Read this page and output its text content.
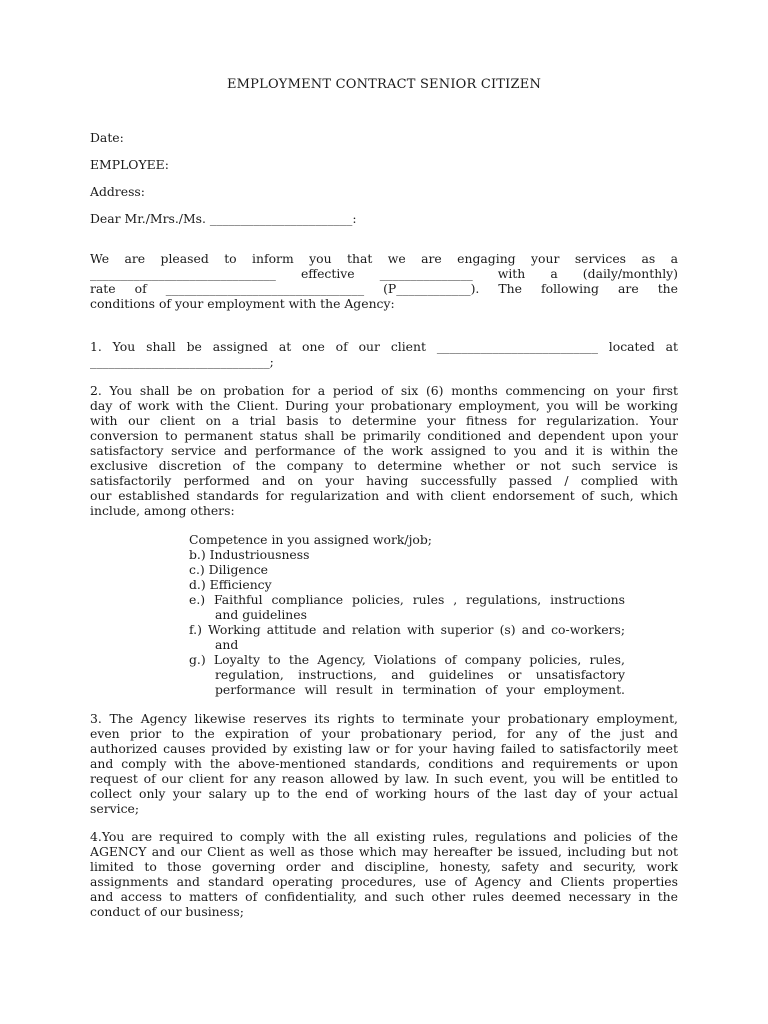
EMPLOYMENT CONTRACT SENIOR CITIZEN
Date:
EMPLOYEE:
Address:
Dear Mr./Mrs./Ms. _______________________:
We are pleased to inform you that we are engaging your services as a
______________________________ effective _______________ with a (daily/monthly)
rate of ________________________________ (P____________). The following are the
conditions of your employment with the Agency:
1. You shall be assigned at one of our client __________________________ located at
_____________________________;
2. You shall be on probation for a period of six (6) months commencing on your first
day of work with the Client. During your probationary employment, you will be working
with our client on a trial basis to determine your fitness for regularization. Your
conversion to permanent status shall be primarily conditioned and dependent upon your
satisfactory service and performance of the work assigned to you and it is within the
exclusive discretion of the company to determine whether or not such service is
satisfactorily performed and on your having successfully passed / complied with
our established standards for regularization and with client endorsement of such, which
include, among others:
Competence in you assigned work/job;
b.) Industriousness
c.) Diligence
d.) Efficiency
e.) Faithful compliance policies, rules , regulations, instructions
and guidelines
f.) Working attitude and relation with superior (s) and co-workers;
and
g.) Loyalty to the Agency, Violations of company policies, rules,
regulation, instructions, and guidelines or unsatisfactory
performance will result in termination of your employment.
3. The Agency likewise reserves its rights to terminate your probationary employment,
even prior to the expiration of your probationary period, for any of the just and
authorized causes provided by existing law or for your having failed to satisfactorily meet
and comply with the above-mentioned standards, conditions and requirements or upon
request of our client for any reason allowed by law. In such event, you will be entitled to
collect only your salary up to the end of working hours of the last day of your actual
service;
4.You are required to comply with the all existing rules, regulations and policies of the
AGENCY and our Client as well as those which may hereafter be issued, including but not
limited to those governing order and discipline, honesty, safety and security, work
assignments and standard operating procedures, use of Agency and Clients properties
and access to matters of confidentiality, and such other rules deemed necessary in the
conduct of our business;
